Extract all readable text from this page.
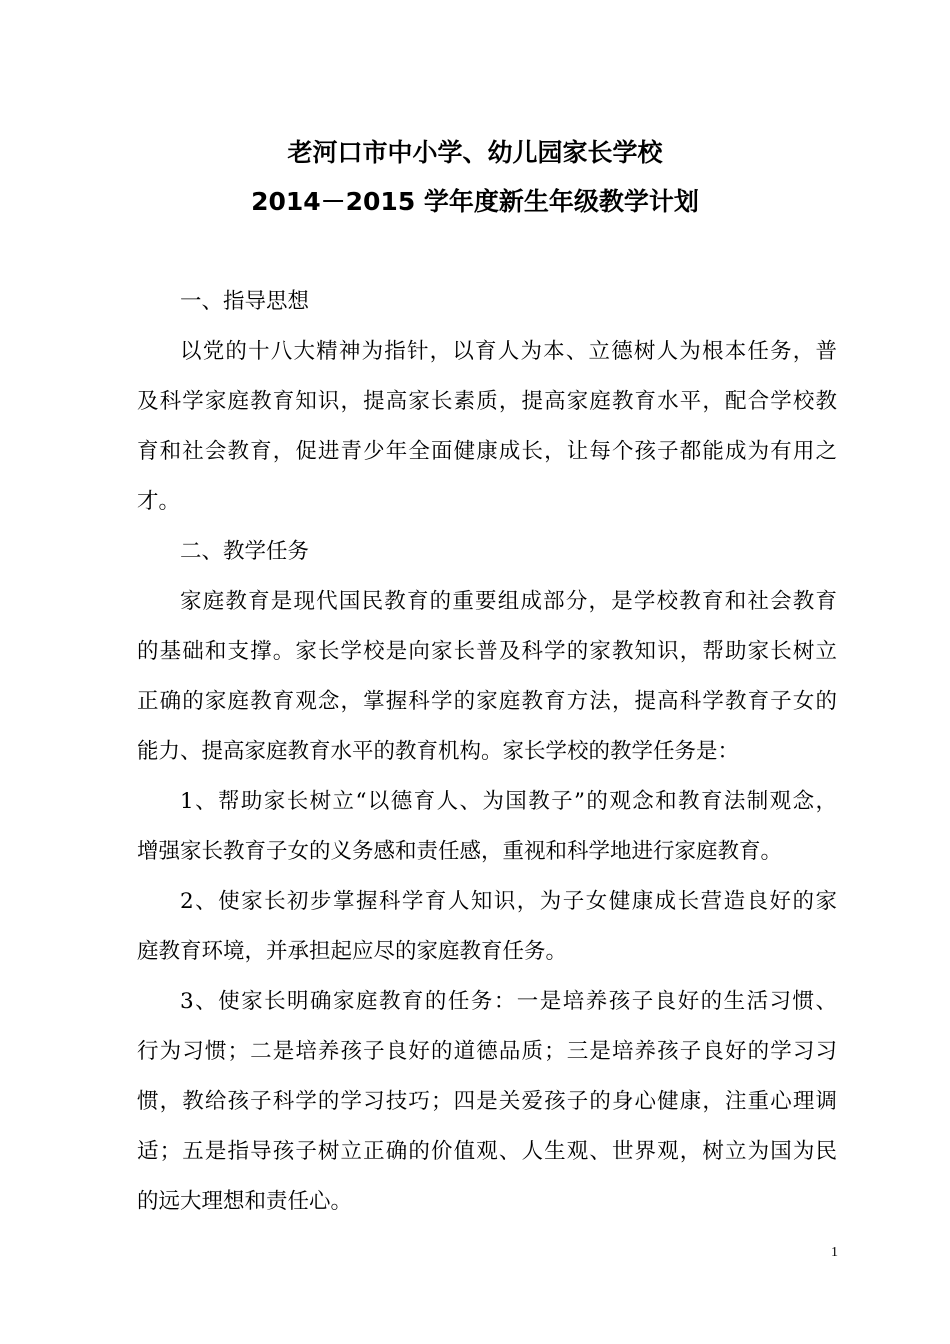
老河口市中小学、幼儿园家长学校
2014－2015 学年度新生年级教学计划
一、指导思想
以党的十八大精神为指针，以育人为本、立德树人为根本任务，普
及科学家庭教育知识，提高家长素质，提高家庭教育水平，配合学校教
育和社会教育，促进青少年全面健康成长，让每个孩子都能成为有用之
才。
二、教学任务
家庭教育是现代国民教育的重要组成部分，是学校教育和社会教育
的基础和支撑。家长学校是向家长普及科学的家教知识，帮助家长树立
正确的家庭教育观念，掌握科学的家庭教育方法，提高科学教育子女的
能力、提高家庭教育水平的教育机构。家长学校的教学任务是：
1、帮助家长树立“以德育人、为国教子”的观念和教育法制观念，
增强家长教育子女的义务感和责任感，重视和科学地进行家庭教育。
2、使家长初步掌握科学育人知识，为子女健康成长营造良好的家
庭教育环境，并承担起应尽的家庭教育任务。
3、使家长明确家庭教育的任务：一是培养孩子良好的生活习惯、
行为习惯；二是培养孩子良好的道德品质；三是培养孩子良好的学习习
惯，教给孩子科学的学习技巧；四是关爱孩子的身心健康，注重心理调
适；五是指导孩子树立正确的价值观、人生观、世界观，树立为国为民
的远大理想和责任心。
1
